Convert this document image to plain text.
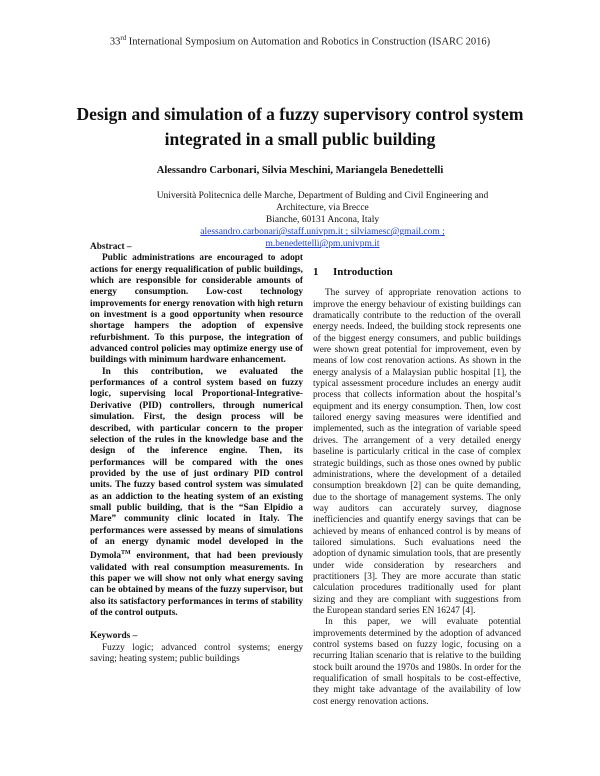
33rd International Symposium on Automation and Robotics in Construction (ISARC 2016)
Design and simulation of a fuzzy supervisory control system
integrated in a small public building
Alessandro Carbonari, Silvia Meschini, Mariangela Benedettelli
Università Politecnica delle Marche, Department of Bulding and Civil Engineering and Architecture, via Brecce
Bianche, 60131 Ancona, Italy
alessandro.carbonari@staff.univpm.it ; silviamesc@gmail.com ; m.benedettelli@pm.univpm.it
Abstract –

Public administrations are encouraged to adopt actions for energy requalification of public buildings, which are responsible for considerable amounts of energy consumption. Low-cost technology improvements for energy renovation with high return on investment is a good opportunity when resource shortage hampers the adoption of expensive refurbishment. To this purpose, the integration of advanced control policies may optimize energy use of buildings with minimum hardware enhancement.

In this contribution, we evaluated the performances of a control system based on fuzzy logic, supervising local Proportional-Integrative-Derivative (PID) controllers, through numerical simulation. First, the design process will be described, with particular concern to the proper selection of the rules in the knowledge base and the design of the inference engine. Then, its performances will be compared with the ones provided by the use of just ordinary PID control units. The fuzzy based control system was simulated as an addiction to the heating system of an existing small public building, that is the “San Elpidio a Mare” community clinic located in Italy. The performances were assessed by means of simulations of an energy dynamic model developed in the Dymola™ environment, that had been previously validated with real consumption measurements. In this paper we will show not only what energy saving can be obtained by means of the fuzzy supervisor, but also its satisfactory performances in terms of stability of the control outputs.

Keywords –

Fuzzy logic; advanced control systems; energy saving; heating system; public buildings

1 Introduction

The survey of appropriate renovation actions to improve the energy behaviour of existing buildings can dramatically contribute to the reduction of the overall energy needs. Indeed, the building stock represents one of the biggest energy consumers, and public buildings were shown great potential for improvement, even by means of low cost renovation actions. As shown in the energy analysis of a Malaysian public hospital [1], the typical assessment procedure includes an energy audit process that collects information about the hospital’s equipment and its energy consumption. Then, low cost tailored energy saving measures were identified and implemented, such as the integration of variable speed drives. The arrangement of a very detailed energy baseline is particularly critical in the case of complex strategic buildings, such as those ones owned by public administrations, where the development of a detailed consumption breakdown [2] can be quite demanding, due to the shortage of management systems. The only way auditors can accurately survey, diagnose inefficiencies and quantify energy savings that can be achieved by means of enhanced control is by means of tailored simulations. Such evaluations need the adoption of dynamic simulation tools, that are presently under wide consideration by researchers and practitioners [3]. They are more accurate than static calculation procedures traditionally used for plant sizing and they are compliant with suggestions from the European standard series EN 16247 [4].

In this paper, we will evaluate potential improvements determined by the adoption of advanced control systems based on fuzzy logic, focusing on a recurring Italian scenario that is relative to the building stock built around the 1970s and 1980s. In order for the requalification of small hospitals to be cost-effective, they might take advantage of the availability of low cost energy renovation actions.
